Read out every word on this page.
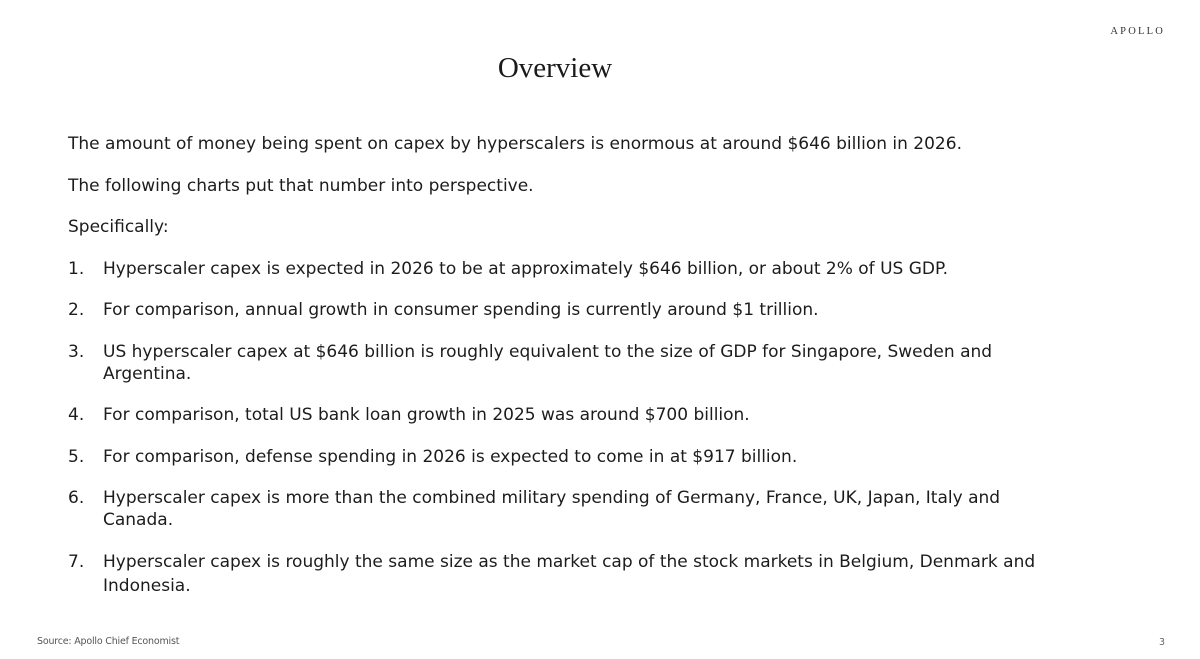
APOLLO
Overview

The amount of money being spent on capex by hyperscalers is enormous at around $646 billion in 2026.

The following charts put that number into perspective.

Specifically:

1.	Hyperscaler capex is expected in 2026 to be at approximately $646 billion, or about 2% of US GDP.
2.	For comparison, annual growth in consumer spending is currently around $1 trillion.
3.	US hyperscaler capex at $646 billion is roughly equivalent to the size of GDP for Singapore, Sweden and Argentina.
4.	For comparison, total US bank loan growth in 2025 was around $700 billion.
5.	For comparison, defense spending in 2026 is expected to come in at $917 billion.
6.	Hyperscaler capex is more than the combined military spending of Germany, France, UK, Japan, Italy and Canada.
7.	Hyperscaler capex is roughly the same size as the market cap of the stock markets in Belgium, Denmark and Indonesia.
Source: Apollo Chief Economist	3
